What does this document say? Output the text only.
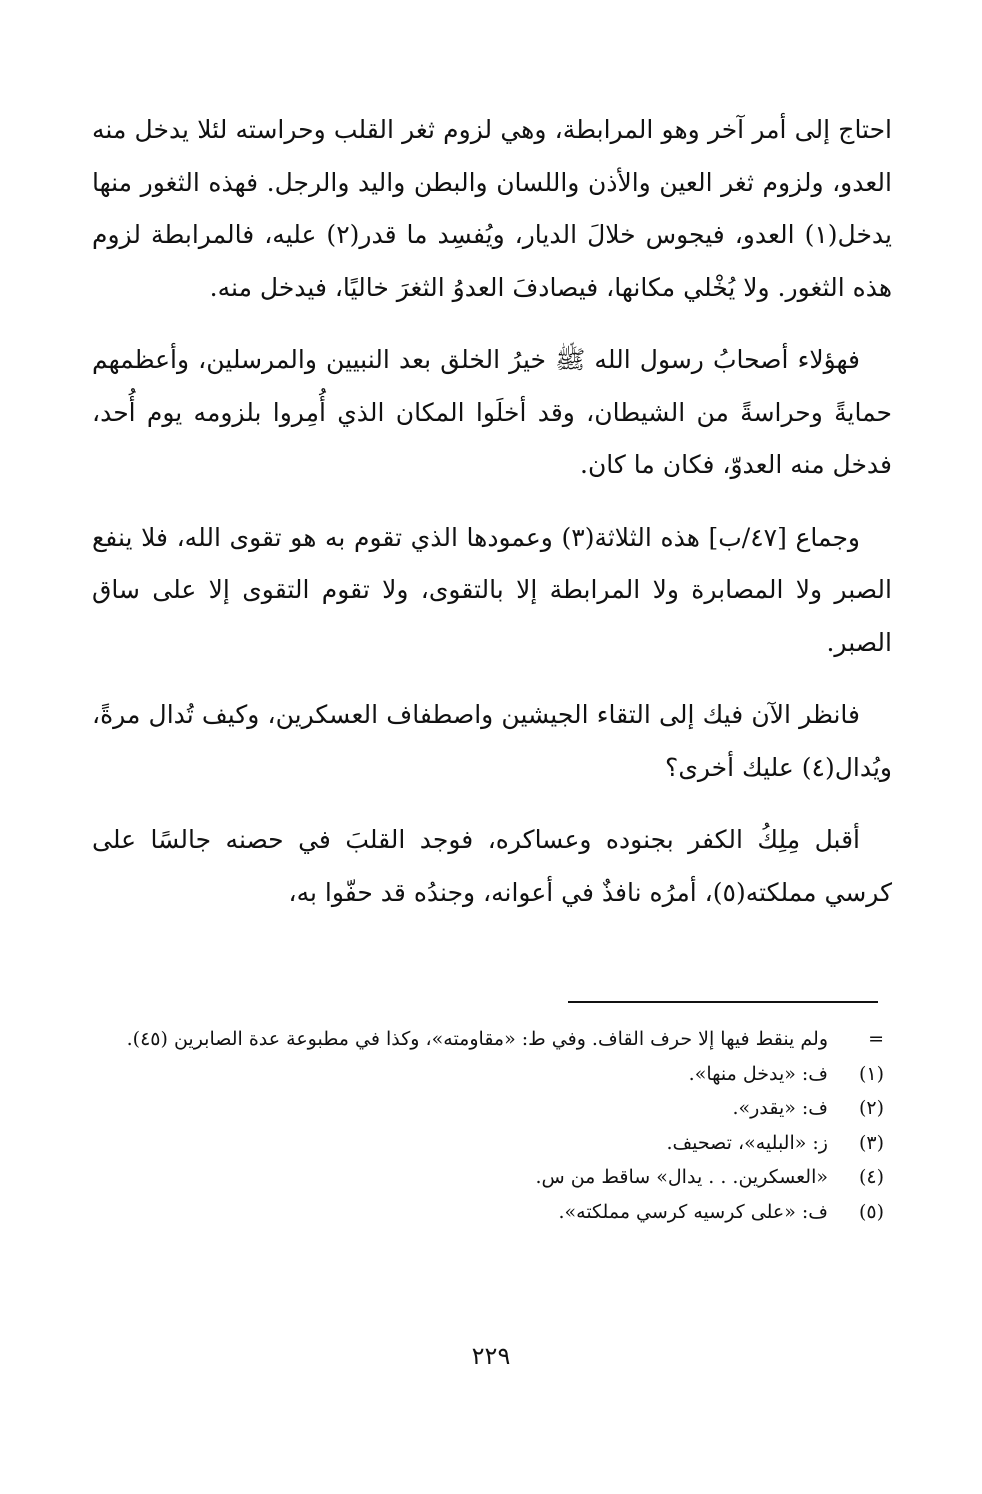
احتاج إلى أمر آخر وهو المرابطة، وهي لزوم ثغر القلب وحراسته لئلا يدخل منه العدو، ولزوم ثغر العين والأذن واللسان والبطن واليد والرجل. فهذه الثغور منها يدخل(١) العدو، فيجوس خلالَ الديار، ويُفسِد ما قدر(٢) عليه، فالمرابطة لزوم هذه الثغور. ولا يُخْلي مكانها، فيصادفَ العدوُ الثغرَ خاليًا، فيدخل منه.

فهؤلاء أصحابُ رسول الله ﷺ خيرُ الخلق بعد النبيين والمرسلين، وأعظمهم حمايةً وحراسةً من الشيطان، وقد أخلَوا المكان الذي أُمِروا بلزومه يوم أُحد، فدخل منه العدوّ، فكان ما كان.

وجماع [٤٧/ب] هذه الثلاثة(٣) وعمودها الذي تقوم به هو تقوى الله، فلا ينفع الصبر ولا المصابرة ولا المرابطة إلا بالتقوى، ولا تقوم التقوى إلا على ساق الصبر.

فانظر الآن فيك إلى التقاء الجيشين واصطفاف العسكرين، وكيف تُدال مرةً، ويُدال(٤) عليك أخرى؟

أقبل مِلِكُ الكفر بجنوده وعساكره، فوجد القلبَ في حصنه جالسًا على كرسي مملكته(٥)، أمرُه نافذٌ في أعوانه، وجندُه قد حفّوا به،

=
ولم ينقط فيها إلا حرف القاف. وفي ط: «مقاومته»، وكذا في مطبوعة عدة الصابرين (٤٥).
(١)
ف: «يدخل منها».
(٢)
ف: «يقدر».
(٣)
ز: «البليه»، تصحيف.
(٤)
«العسكرين. . . يدال» ساقط من س.
(٥)
ف: «على كرسيه كرسي مملكته».
٢٢٩
